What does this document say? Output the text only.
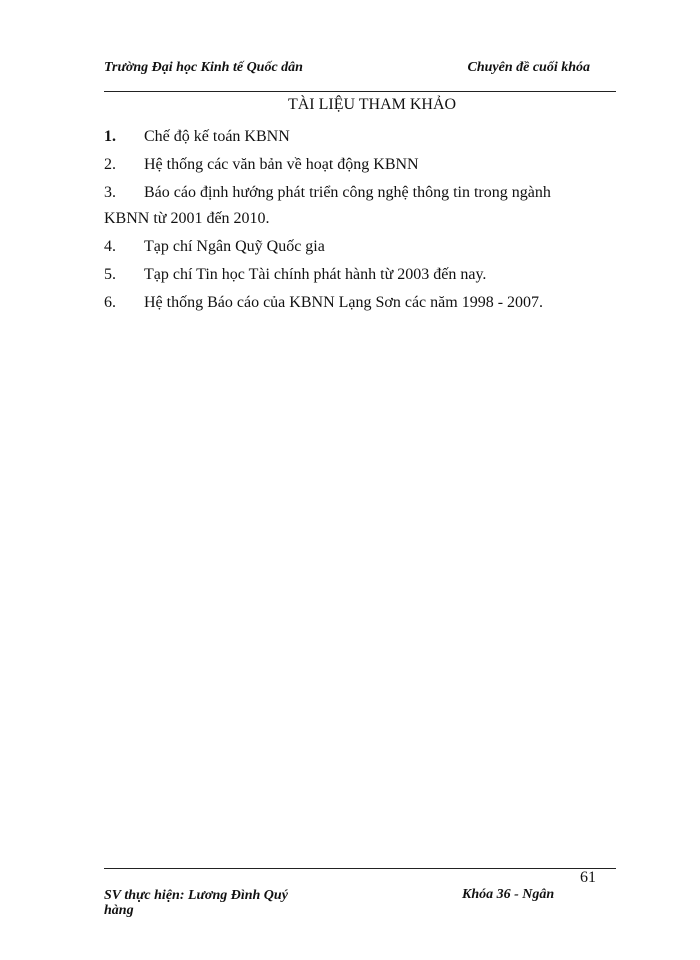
Trường Đại học Kinh tế Quốc dân	Chuyên đề cuối khóa
TÀI LIỆU THAM KHẢO
1. Chế độ kế toán KBNN
2. Hệ thống các văn bản về hoạt động KBNN
3. Báo cáo định hướng phát triển công nghệ thông tin trong ngành
KBNN từ 2001 đến 2010.
4. Tạp chí Ngân Quỹ Quốc gia
5. Tạp chí Tin học Tài chính phát hành từ 2003 đến nay.
6. Hệ thống Báo cáo của KBNN Lạng Sơn các năm 1998 - 2007.
61
SV thực hiện: Lương Đình Quý	Khóa 36 - Ngân
hàng
